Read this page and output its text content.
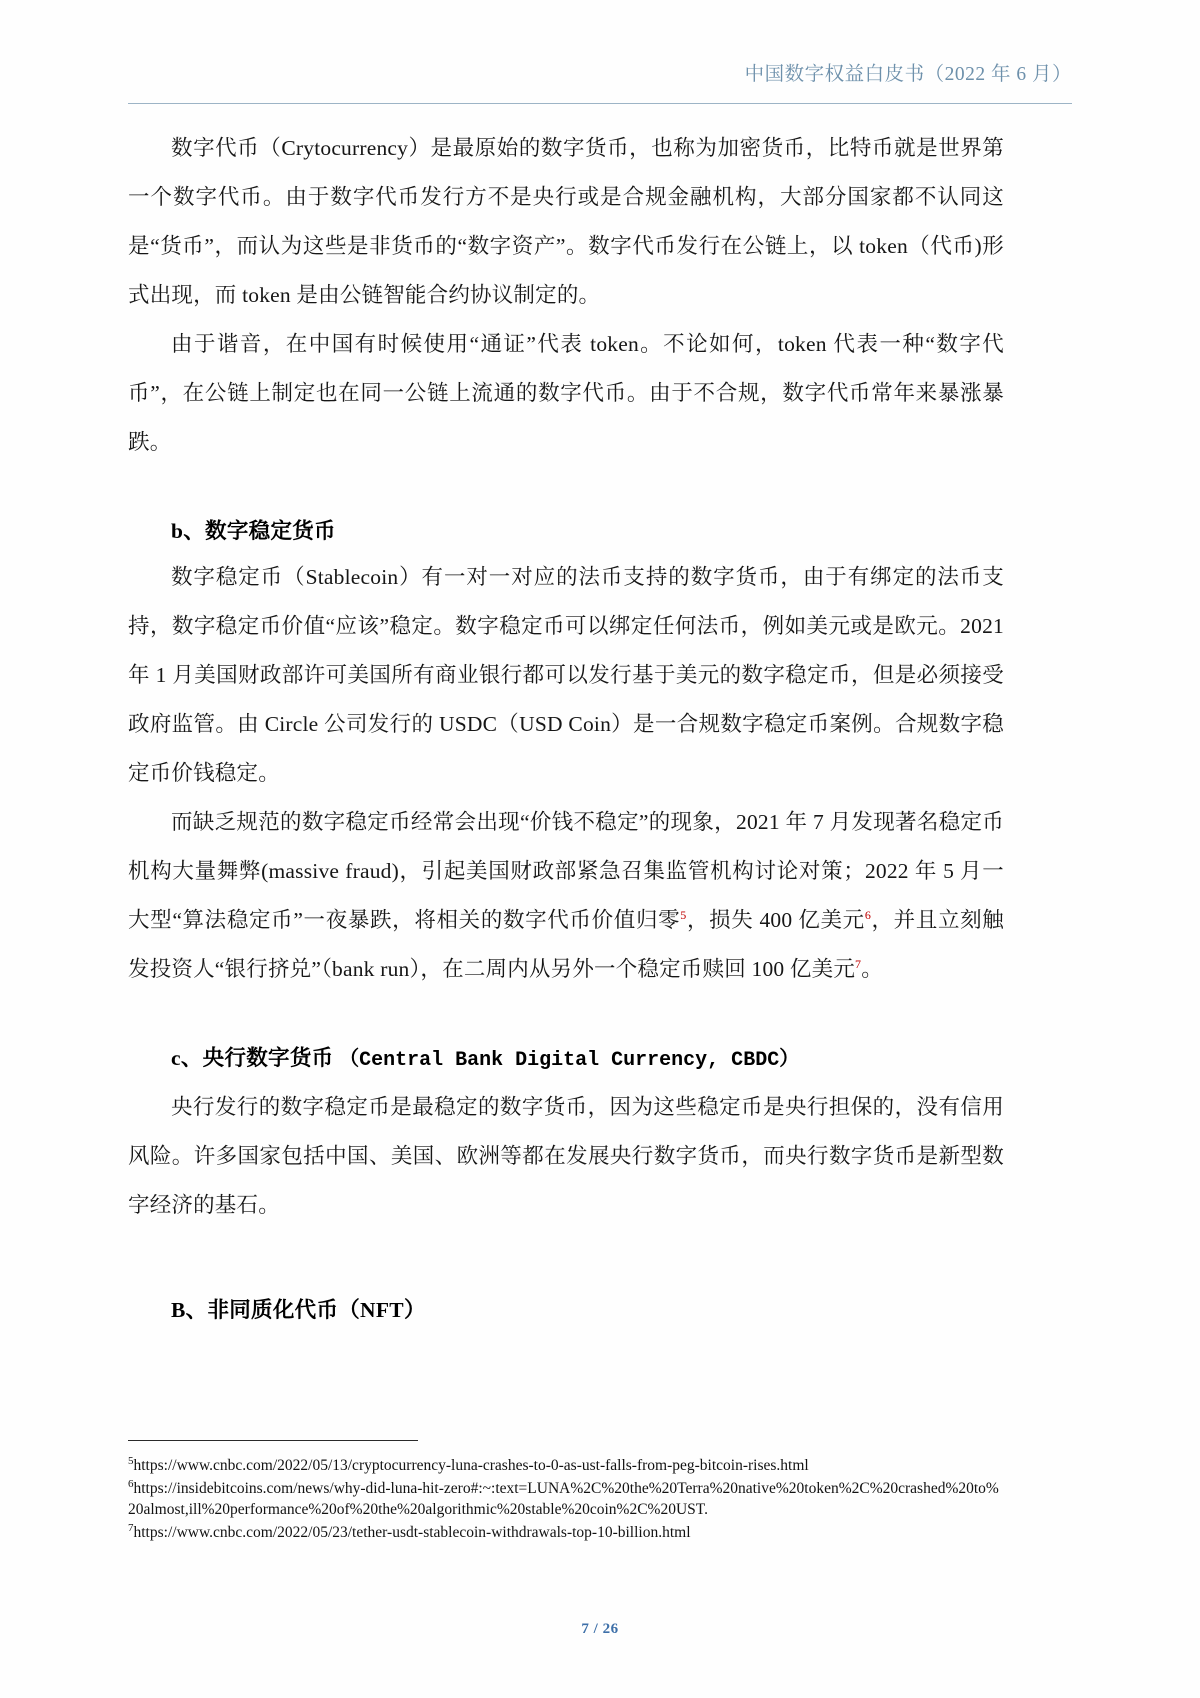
中国数字权益白皮书（2022 年 6 月）

数字代币（Crytocurrency）是最原始的数字货币，也称为加密货币，比特币就是世界第一个数字代币。由于数字代币发行方不是央行或是合规金融机构，大部分国家都不认同这是“货币”，而认为这些是非货币的“数字资产”。数字代币发行在公链上，以 token（代币)形式出现，而 token 是由公链智能合约协议制定的。

由于谐音，在中国有时候使用“通证”代表 token。不论如何，token 代表一种“数字代币”，在公链上制定也在同一公链上流通的数字代币。由于不合规，数字代币常年来暴涨暴跌。

b、数字稳定货币

数字稳定币（Stablecoin）有一对一对应的法币支持的数字货币，由于有绑定的法币支持，数字稳定币价值“应该”稳定。数字稳定币可以绑定任何法币，例如美元或是欧元。2021 年 1 月美国财政部许可美国所有商业银行都可以发行基于美元的数字稳定币，但是必须接受政府监管。由 Circle 公司发行的 USDC（USD Coin）是一合规数字稳定币案例。合规数字稳定币价钱稳定。

而缺乏规范的数字稳定币经常会出现“价钱不稳定”的现象，2021 年 7 月发现著名稳定币机构大量舞弊(massive fraud)，引起美国财政部紧急召集监管机构讨论对策；2022 年 5 月一大型“算法稳定币”一夜暴跌，将相关的数字代币价值归零$^5$，损失 400 亿美元$^6$，并且立刻触发投资人“银行挤兑”（bank run），在二周内从另外一个稳定币赎回 100 亿美元$^7$。

c、央行数字货币 （Central Bank Digital Currency, CBDC）

央行发行的数字稳定币是最稳定的数字货币，因为这些稳定币是央行担保的，没有信用风险。许多国家包括中国、美国、欧洲等都在发展央行数字货币，而央行数字货币是新型数字经济的基石。

B、非同质化代币（NFT）
$^5$https://www.cnbc.com/2022/05/13/cryptocurrency-luna-crashes-to-0-as-ust-falls-from-peg-bitcoin-rises.html
$^6$https://insidebitcoins.com/news/why-did-luna-hit-zero#:~:text=LUNA%2C%20the%20Terra%20native%20token%2C%20crashed%20to%20almost,ill%20performance%20of%20the%20algorithmic%20stable%20coin%2C%20UST.
$^7$https://www.cnbc.com/2022/05/23/tether-usdt-stablecoin-withdrawals-top-10-billion.html
7 / 26
